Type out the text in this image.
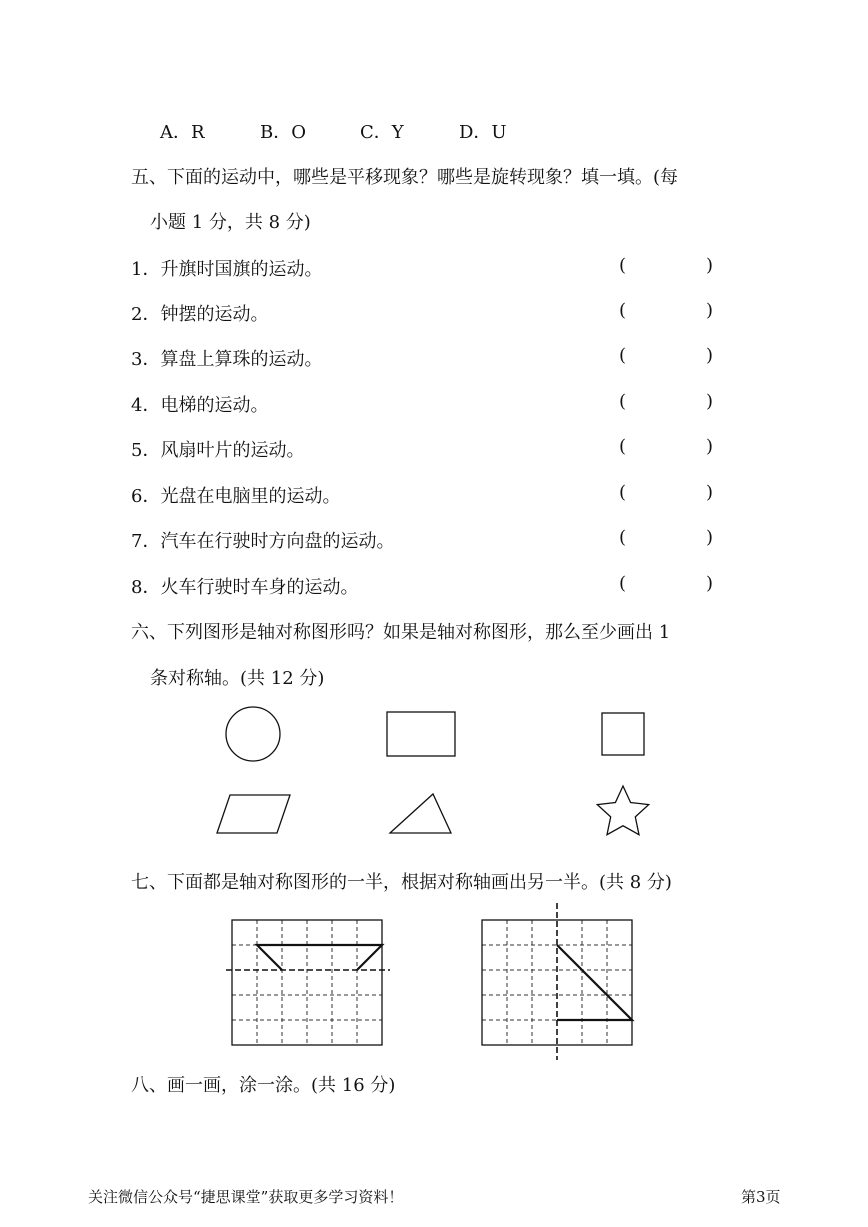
A．R	B．O	C．Y	D．U
五、下面的运动中，哪些是平移现象？哪些是旋转现象？填一填。(每
小题 1 分，共 8 分)
1．升旗时国旗的运动。	(	)
2．钟摆的运动。	(	)
3．算盘上算珠的运动。	(	)
4．电梯的运动。	(	)
5．风扇叶片的运动。	(	)
6．光盘在电脑里的运动。	(	)
7．汽车在行驶时方向盘的运动。	(	)
8．火车行驶时车身的运动。	(	)
六、下列图形是轴对称图形吗？如果是轴对称图形，那么至少画出 1
条对称轴。(共 12 分)
七、下面都是轴对称图形的一半，根据对称轴画出另一半。(共 8 分)
八、画一画，涂一涂。(共 16 分)
关注微信公众号“捷思课堂”获取更多学习资料！	第3页
